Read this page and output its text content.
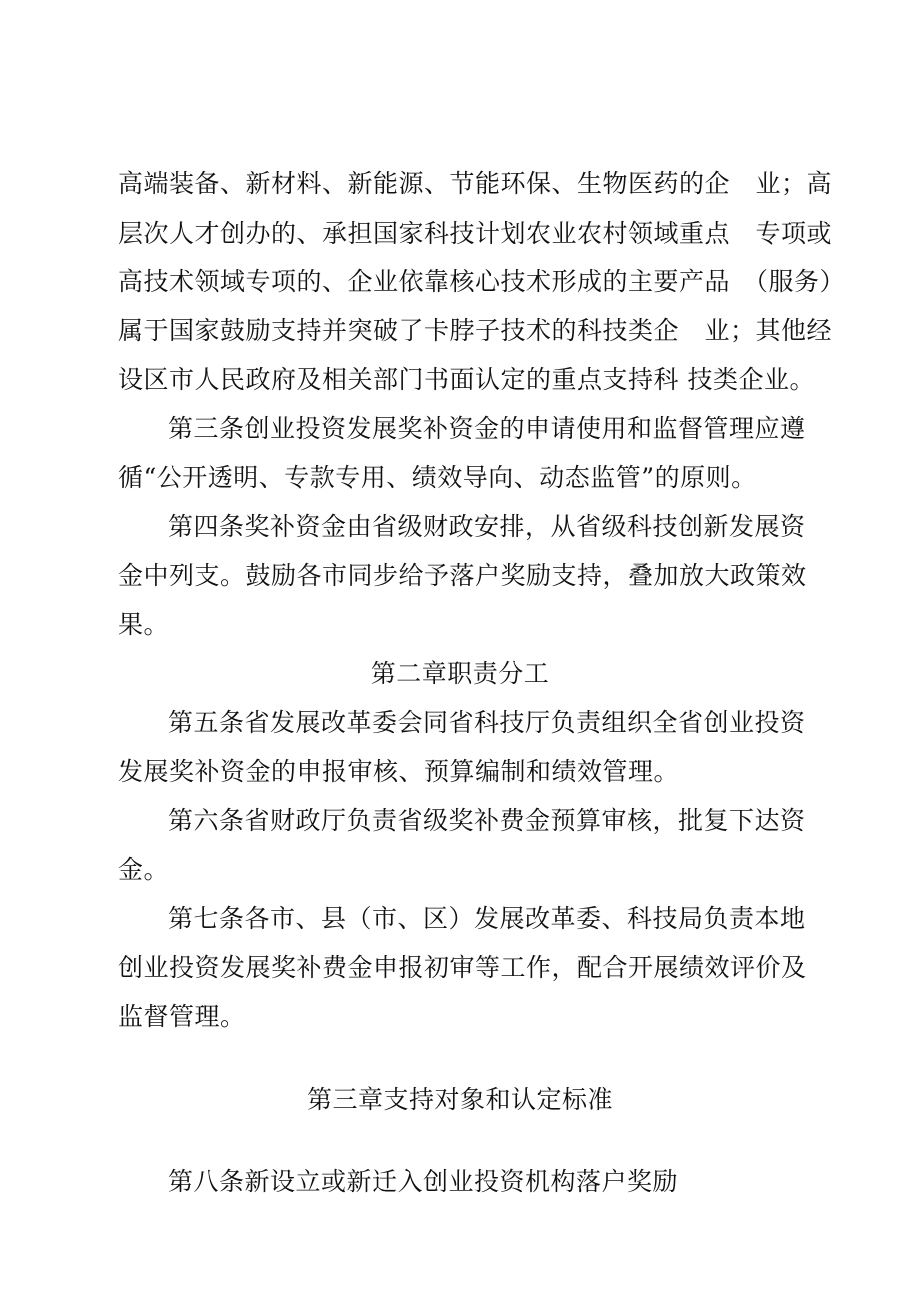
高端装备、新材料、新能源、节能环保、生物医药的企　业；高
层次人才创办的、承担国家科技计划农业农村领域重点　专项或
高技术领域专项的、企业依靠核心技术形成的主要产品　（服务）
属于国家鼓励支持并突破了卡脖子技术的科技类企　业；其他经
设区市人民政府及相关部门书面认定的重点支持科 技类企业。
第三条创业投资发展奖补资金的申请使用和监督管理应遵
循“公开透明、专款专用、绩效导向、动态监管”的原则。
第四条奖补资金由省级财政安排，从省级科技创新发展资
金中列支。鼓励各市同步给予落户奖励支持，叠加放大政策效
果。
第二章职责分工
第五条省发展改革委会同省科技厅负责组织全省创业投资
发展奖补资金的申报审核、预算编制和绩效管理。
第六条省财政厅负责省级奖补费金预算审核，批复下达资
金。
第七条各市、县（市、区）发展改革委、科技局负责本地
创业投资发展奖补费金申报初审等工作，配合开展绩效评价及
监督管理。
第三章支持对象和认定标准
第八条新设立或新迁入创业投资机构落户奖励
